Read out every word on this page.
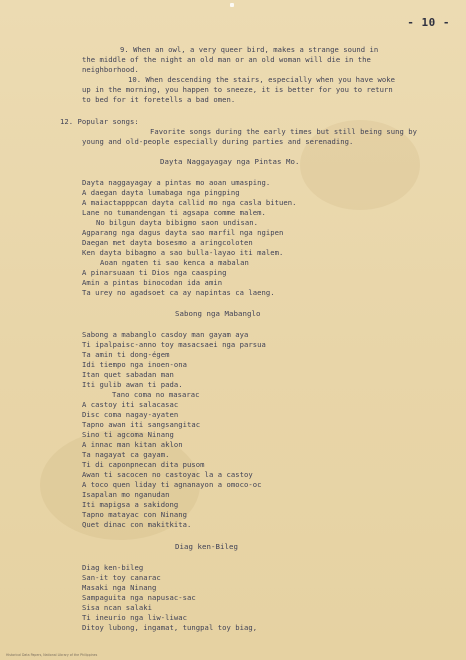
- 10 -
9. When an owl, a very queer bird, makes a strange sound in
the middle of the night an old man or an old woman will die in the
neighborhood.
10. When descending the stairs, especially when you have woke
up in the morning, you happen to sneeze, it is better for you to return
to bed for it foretells a bad omen.
12. Popular songs:
Favorite songs during the early times but still being sung by
young and old-people especially during parties and serenading.
Dayta Naggayagay nga Pintas Mo.
Dayta naggayagay a pintas mo aoan umasping.
A daegan dayta lumabaga nga pingping
A maiactapppcan dayta callid mo nga casla bituen.
Lane no tumandengan ti agsapa comme malem.
No bilgun dayta bibigmo saon undisan.
Agparang nga dagus dayta sao marfil nga ngipen
Daegan met dayta bosesmo a aringcoloten
Ken dayta bibagmo a sao bulla-layao iti malem.
Aoan ngaten ti sao kenca a mabalan
A pinarsuaan ti Dios nga caasping
Amin a pintas binocodan ida amin
Ta urey no agadsoet ca ay napintas ca laeng.
Sabong nga Mabanglo
Sabong a mabanglo casdoy man gayam aya
Ti ipalpaisc-anno toy masacsaei nga parsua
Ta amin ti dong-égem
Idi tiempo nga inoen-ona
Itan quet sabadan man
Iti gulib awan ti pada.
Tano coma no masarac
A castoy iti salacasac
Disc coma nagay-ayaten
Tapno awan iti sangsangitac
Sino ti agcoma Ninang
A innac man kitan aklon
Ta nagayat ca gayam.
Ti di caponpnecan dita pusom
Awan ti sacocen no castoyac la a castoy
A toco quen liday ti agnanayon a omoco-oc
Isapalan mo nganudan
Iti mapigsa a sakidong
Tapno matayac con Ninang
Quet dinac con makitkita.
Diag ken-Bileg
Diag ken-bileg
San-it toy canarac
Masaki nga Ninang
Sampaguita nga napusac-sac
Sisa ncan salaki
Ti ineurio nga liw-liwac
Ditoy lubong, ingamat, tungpal toy biag,
Historical Data Papers, National Library of the Philippines
